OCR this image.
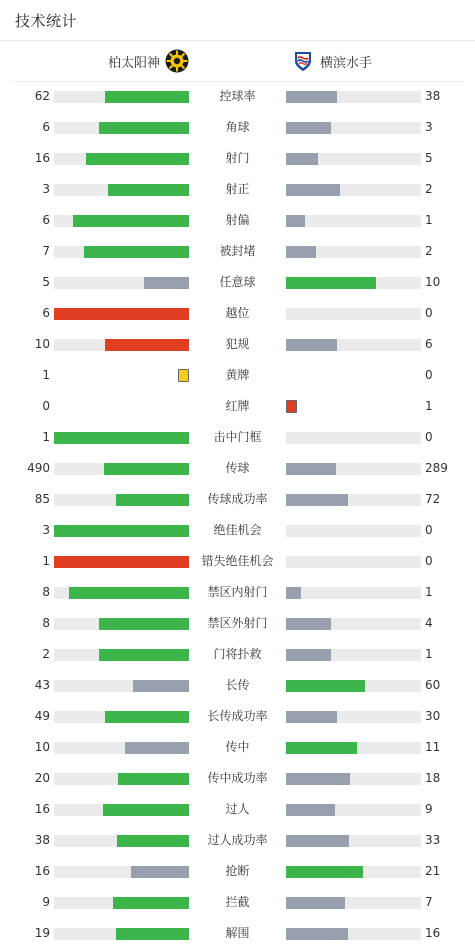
技术统计
柏太阳神	横滨水手
62	控球率	38
6	角球	3
16	射门	5
3	射正	2
6	射偏	1
7	被封堵	2
5	任意球	10
6	越位	0
10	犯规	6
1	黄牌	0
0	红牌	1
1	击中门框	0
490	传球	289
85	传球成功率	72
3	绝佳机会	0
1	错失绝佳机会	0
8	禁区内射门	1
8	禁区外射门	4
2	门将扑救	1
43	长传	60
49	长传成功率	30
10	传中	11
20	传中成功率	18
16	过人	9
38	过人成功率	33
16	抢断	21
9	拦截	7
19	解围	16
